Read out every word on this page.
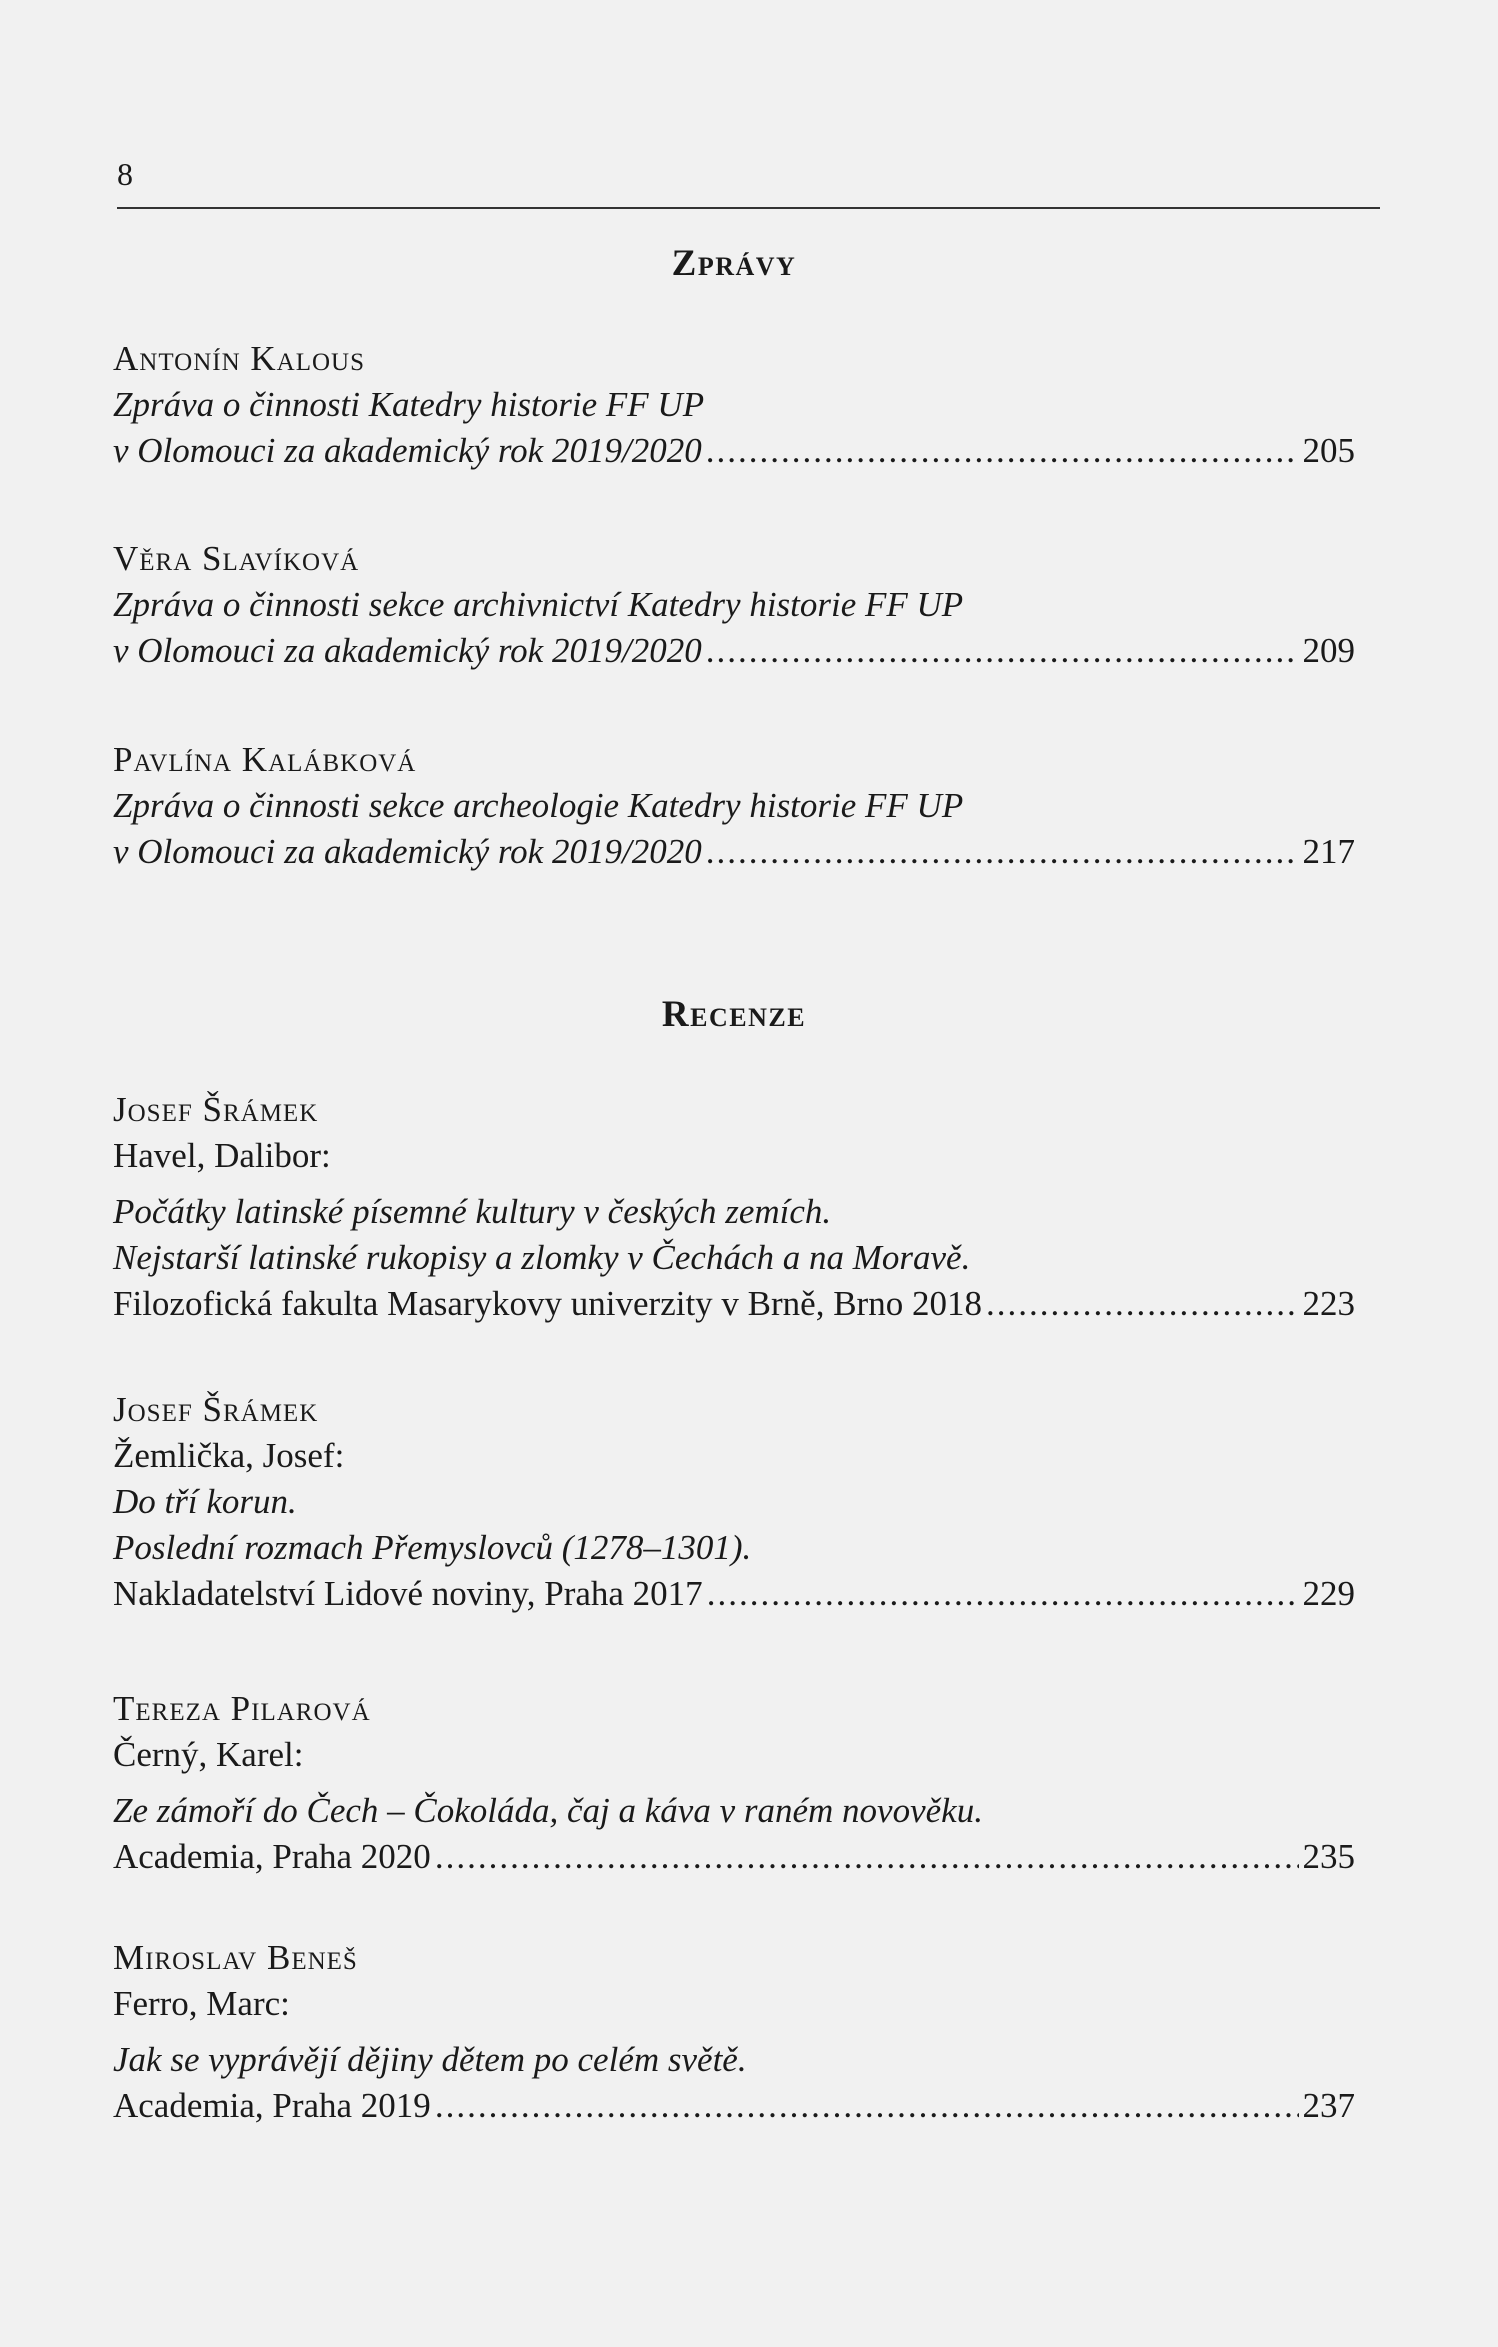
8
Zprávy
Antonín Kalous
Zpráva o činnosti Katedry historie FF UP
v Olomouci za akademický rok 2019/2020 .....	205
Věra Slavíková
Zpráva o činnosti sekce archivnictví Katedry historie FF UP
v Olomouci za akademický rok 2019/2020 .....	209
Pavlína Kalábková
Zpráva o činnosti sekce archeologie Katedry historie FF UP
v Olomouci za akademický rok 2019/2020 .....	217
Recenze
Josef Šrámek
Havel, Dalibor:
Počátky latinské písemné kultury v českých zemích.
Nejstarší latinské rukopisy a zlomky v Čechách a na Moravě.
Filozofická fakulta Masarykovy univerzity v Brně, Brno 2018 .....	223
Josef Šrámek
Žemlička, Josef:
Do tří korun.
Poslední rozmach Přemyslovců (1278–1301).
Nakladatelství Lidové noviny, Praha 2017 .....	229
Tereza Pilarová
Černý, Karel:
Ze zámoří do Čech – Čokoláda, čaj a káva v raném novověku.
Academia, Praha 2020 .....	235
Miroslav Beneš
Ferro, Marc:
Jak se vyprávějí dějiny dětem po celém světě.
Academia, Praha 2019 .....	237
